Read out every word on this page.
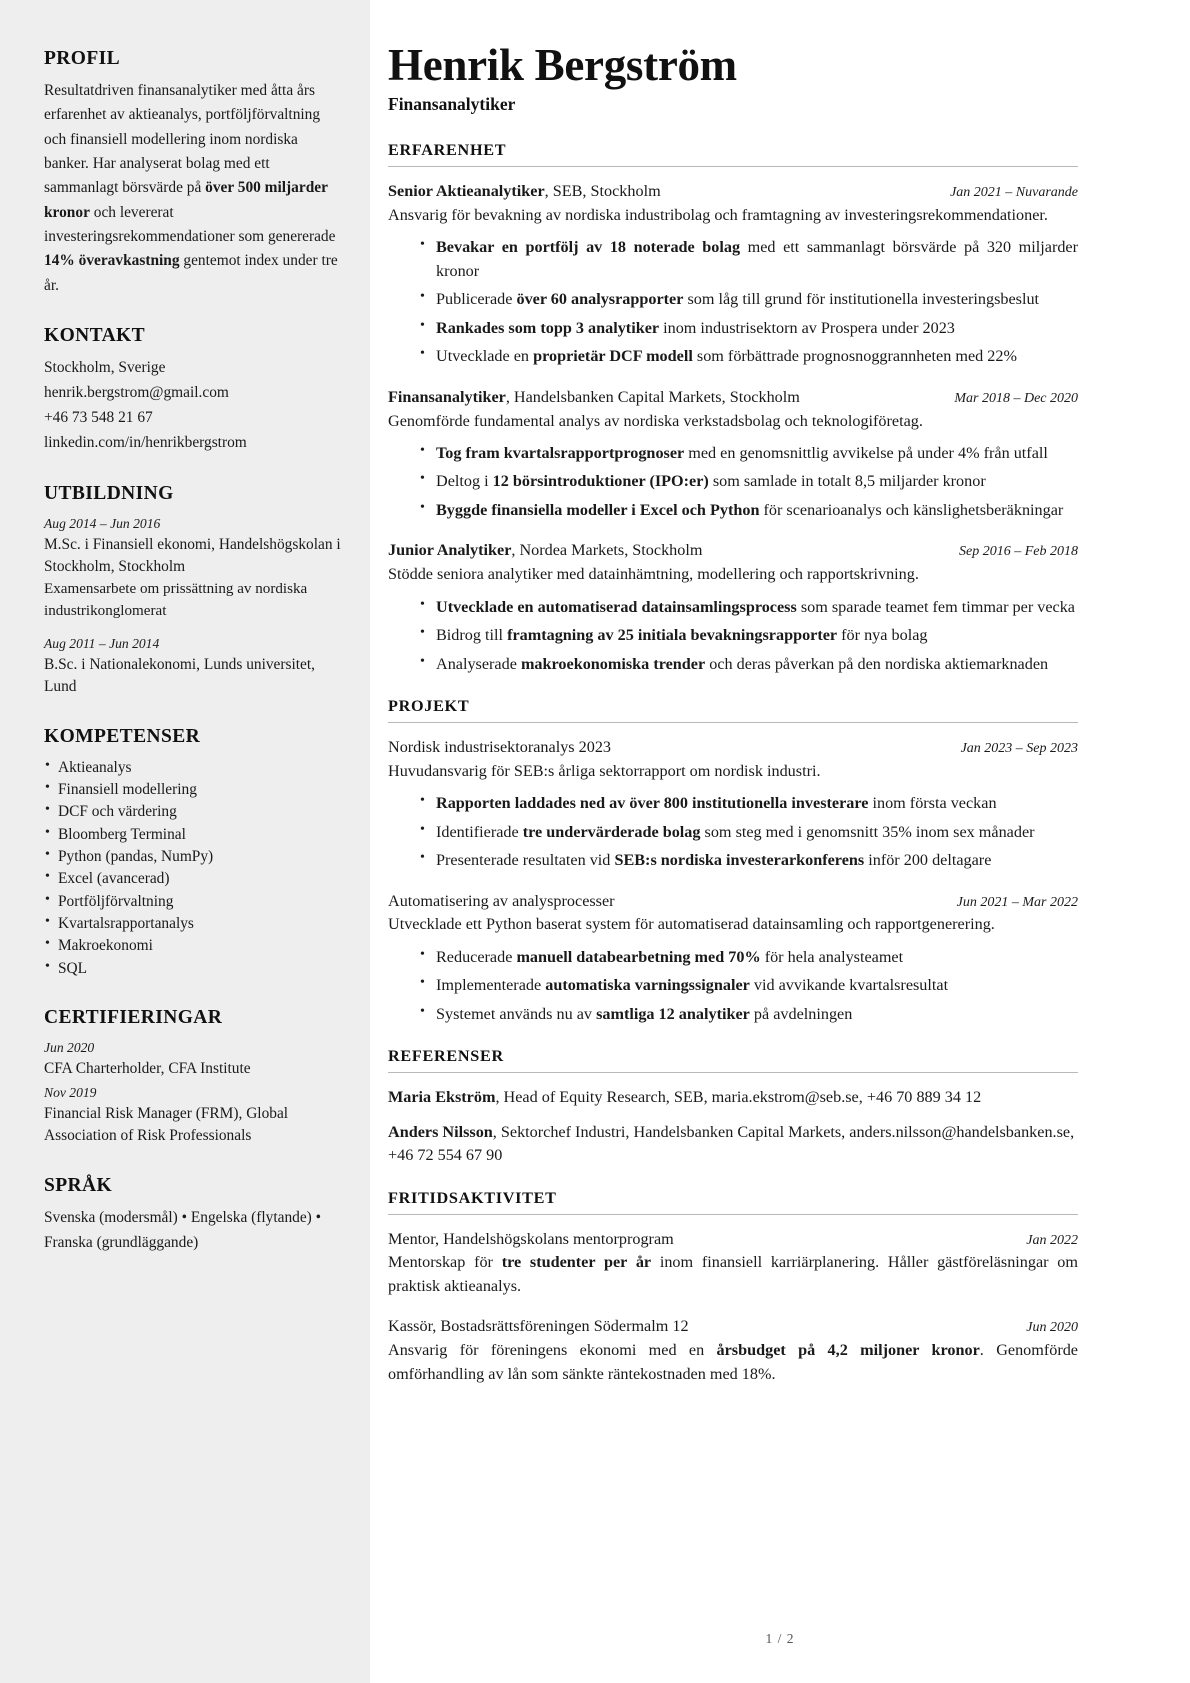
PROFIL

Resultatdriven finansanalytiker med åtta års erfarenhet av aktieanalys, portföljförvaltning och finansiell modellering inom nordiska banker. Har analyserat bolag med ett sammanlagt börsvärde på över 500 miljarder kronor och levererat investeringsrekommendationer som genererade 14% överavkastning gentemot index under tre år.

KONTAKT

Stockholm, Sverige

henrik.bergstrom@gmail.com

+46 73 548 21 67

linkedin.com/in/henrikbergstrom

UTBILDNING

Aug 2014 – Jun 2016

M.Sc. i Finansiell ekonomi, Handelshögskolan i Stockholm, Stockholm

Examensarbete om prissättning av nordiska industrikonglomerat

Aug 2011 – Jun 2014

B.Sc. i Nationalekonomi, Lunds universitet, Lund

KOMPETENSER
• Aktieanalys
• Finansiell modellering
• DCF och värdering
• Bloomberg Terminal
• Python (pandas, NumPy)
• Excel (avancerad)
• Portföljförvaltning
• Kvartalsrapportanalys
• Makroekonomi
• SQL
CERTIFIERINGAR

Jun 2020

CFA Charterholder, CFA Institute

Nov 2019

Financial Risk Manager (FRM), Global Association of Risk Professionals

SPRÅK

Svenska (modersmål) • Engelska (flytande) • Franska (grundläggande)

Henrik Bergström
Finansanalytiker
ERFARENHET
Senior Aktieanalytiker, SEB, Stockholm	Jan 2021 – Nuvarande

Ansvarig för bevakning av nordiska industribolag och framtagning av investeringsrekommendationer.

• Bevakar en portfölj av 18 noterade bolag med ett sammanlagt börsvärde på 320 miljarder kronor
• Publicerade över 60 analysrapporter som låg till grund för institutionella investeringsbeslut
• Rankades som topp 3 analytiker inom industrisektorn av Prospera under 2023
• Utvecklade en proprietär DCF modell som förbättrade prognosnoggrannheten med 22%
Finansanalytiker, Handelsbanken Capital Markets, Stockholm	Mar 2018 – Dec 2020

Genomförde fundamental analys av nordiska verkstadsbolag och teknologiföretag.

• Tog fram kvartalsrapportprognoser med en genomsnittlig avvikelse på under 4% från utfall
• Deltog i 12 börsintroduktioner (IPO:er) som samlade in totalt 8,5 miljarder kronor
• Byggde finansiella modeller i Excel och Python för scenarioanalys och känslighetsberäkningar
Junior Analytiker, Nordea Markets, Stockholm	Sep 2016 – Feb 2018

Stödde seniora analytiker med datainhämtning, modellering och rapportskrivning.

• Utvecklade en automatiserad datainsamlingsprocess som sparade teamet fem timmar per vecka
• Bidrog till framtagning av 25 initiala bevakningsrapporter för nya bolag
• Analyserade makroekonomiska trender och deras påverkan på den nordiska aktiemarknaden
PROJEKT
Nordisk industrisektoranalys 2023	Jan 2023 – Sep 2023

Huvudansvarig för SEB:s årliga sektorrapport om nordisk industri.

• Rapporten laddades ned av över 800 institutionella investerare inom första veckan
• Identifierade tre undervärderade bolag som steg med i genomsnitt 35% inom sex månader
• Presenterade resultaten vid SEB:s nordiska investerarkonferens inför 200 deltagare
Automatisering av analysprocesser	Jun 2021 – Mar 2022

Utvecklade ett Python baserat system för automatiserad datainsamling och rapportgenerering.

• Reducerade manuell databearbetning med 70% för hela analysteamet
• Implementerade automatiska varningssignaler vid avvikande kvartalsresultat
• Systemet används nu av samtliga 12 analytiker på avdelningen
REFERENSER

Maria Ekström, Head of Equity Research, SEB, maria.ekstrom@seb.se, +46 70 889 34 12

Anders Nilsson, Sektorchef Industri, Handelsbanken Capital Markets, anders.nilsson@handelsbanken.se, +46 72 554 67 90

FRITIDSAKTIVITET
Mentor, Handelshögskolans mentorprogram	Jan 2022

Mentorskap för tre studenter per år inom finansiell karriärplanering. Håller gästföreläsningar om praktisk aktieanalys.

Kassör, Bostadsrättsföreningen Södermalm 12	Jun 2020

Ansvarig för föreningens ekonomi med en årsbudget på 4,2 miljoner kronor. Genomförde omförhandling av lån som sänkte räntekostnaden med 18%.

1 / 2
